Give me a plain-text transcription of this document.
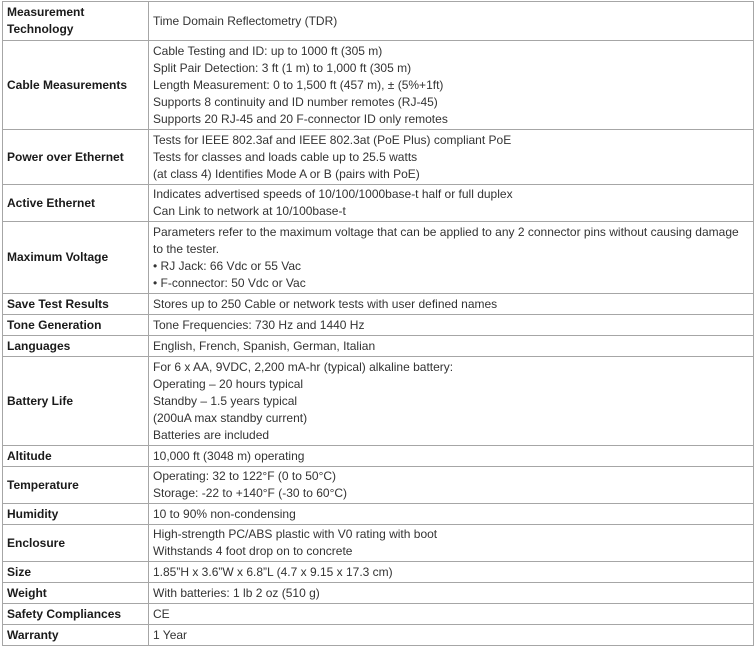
Measurement Technology	Time Domain Reflectometry (TDR)

Cable Measurements	Cable Testing and ID: up to 1000 ft (305 m)
Split Pair Detection: 3 ft (1 m) to 1,000 ft (305 m)
Length Measurement: 0 to 1,500 ft (457 m), ± (5%+1ft)
Supports 8 continuity and ID number remotes (RJ-45)
Supports 20 RJ-45 and 20 F-connector ID only remotes

Power over Ethernet	Tests for IEEE 802.3af and IEEE 802.3at (PoE Plus) compliant PoE
Tests for classes and loads cable up to 25.5 watts
(at class 4) Identifies Mode A or B (pairs with PoE)

Active Ethernet	Indicates advertised speeds of 10/100/1000base-t half or full duplex
Can Link to network at 10/100base-t

Maximum Voltage	Parameters refer to the maximum voltage that can be applied to any 2 connector pins without causing damage to the tester.
• RJ Jack: 66 Vdc or 55 Vac
• F-connector: 50 Vdc or Vac

Save Test Results	Stores up to 250 Cable or network tests with user defined names

Tone Generation	Tone Frequencies: 730 Hz and 1440 Hz

Languages	English, French, Spanish, German, Italian

Battery Life	For 6 x AA, 9VDC, 2,200 mA-hr (typical) alkaline battery:
Operating – 20 hours typical
Standby – 1.5 years typical
(200uA max standby current)
Batteries are included

Altitude	10,000 ft (3048 m) operating

Temperature	Operating: 32 to 122°F (0 to 50°C)
Storage: -22 to +140°F (-30 to 60°C)

Humidity	10 to 90% non-condensing

Enclosure	High-strength PC/ABS plastic with V0 rating with boot
Withstands 4 foot drop on to concrete

Size	1.85”H x 3.6”W x 6.8”L (4.7 x 9.15 x 17.3 cm)

Weight	With batteries: 1 lb 2 oz (510 g)

Safety Compliances	CE

Warranty	1 Year
